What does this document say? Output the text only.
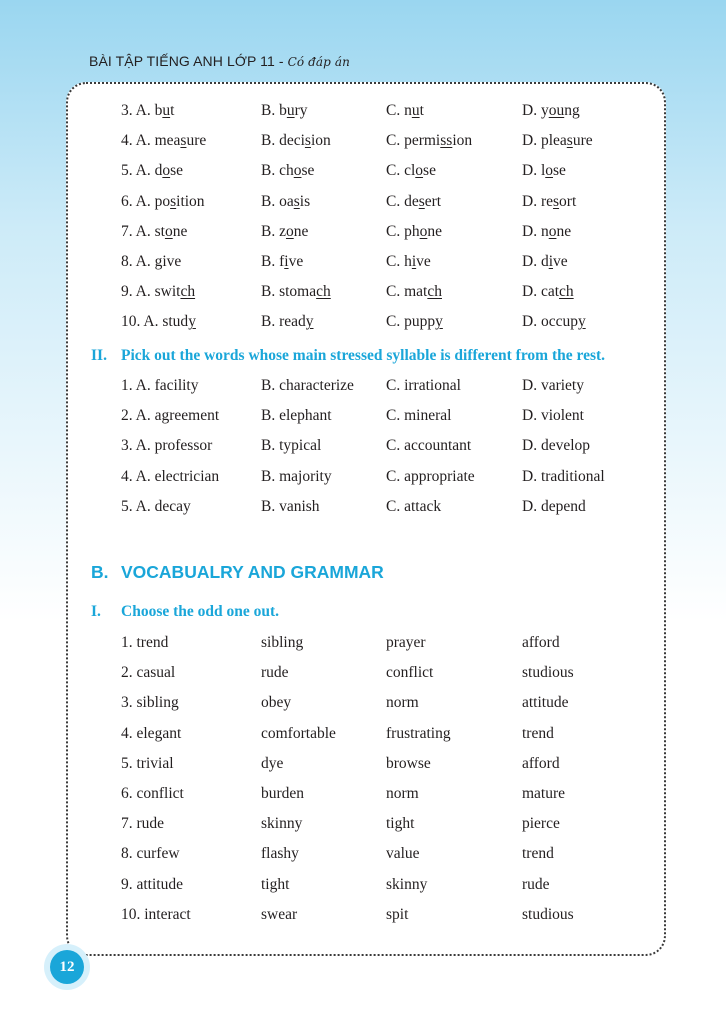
BÀI TẬP TIẾNG ANH LỚP 11 - Có đáp án
3. A. but	B. bury	C. nut	D. young
4. A. measure	B. decision	C. permission	D. pleasure
5. A. dose	B. chose	C. close	D. lose
6. A. position	B. oasis	C. desert	D. resort
7. A. stone	B. zone	C. phone	D. none
8. A. give	B. five	C. hive	D. dive
9. A. switch	B. stomach	C. match	D. catch
10. A. study	B. ready	C. puppy	D. occupy
II. Pick out the words whose main stressed syllable is different from the rest.
1. A. facility	B. characterize C. irrational	D. variety
2. A. agreement	B. elephant	C. mineral	D. violent
3. A. professor	B. typical	C. accountant	D. develop
4. A. electrician	B. majority	C. appropriate	D. traditional
5. A. decay	B. vanish	C. attack	D. depend
B. VOCABUALRY AND GRAMMAR
I. Choose the odd one out.
1. trend	sibling	prayer	afford
2. casual	rude	conflict	studious
3. sibling	obey	norm	attitude
4. elegant	comfortable	frustrating	trend
5. trivial	dye	browse	afford
6. conflict	burden	norm	mature
7. rude	skinny	tight	pierce
8. curfew	flashy	value	trend
9. attitude	tight	skinny	rude
10. interact	swear	spit	studious
12
